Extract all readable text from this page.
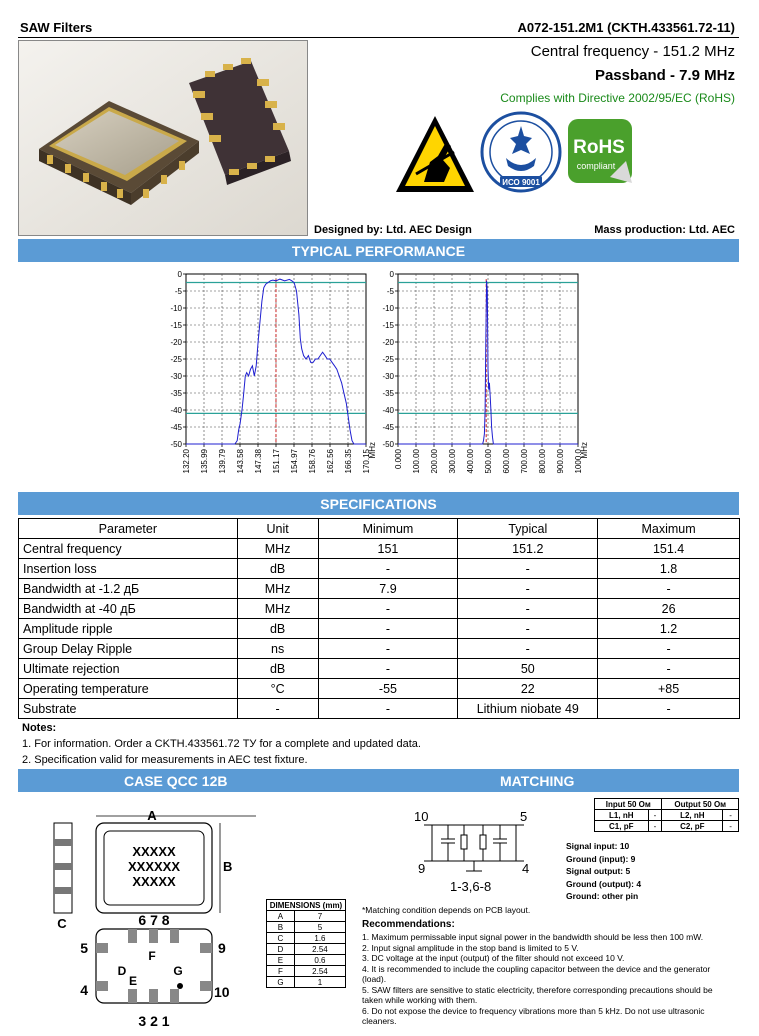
SAW Filters	A072-151.2M1 (CKTH.433561.72-11)
Central frequency - 151.2 MHz
Passband - 7.9 MHz
Complies with Directive 2002/95/EC (RoHS)
ИСО 9001
RoHS
compliant
Designed by: Ltd. AEC Design	Mass production: Ltd. AEC
TYPICAL PERFORMANCE
0
-5
-10
-15
-20
-25
-30
-35
-40
-45
-50
132.20 135.99 139.79 143.58 147.38 151.17 154.97 158.76 162.56 166.35 170.15
MHz
0
-5
-10
-15
-20
-25
-30
-35
-40
-45
-50
0.000 100.00 200.00 300.00 400.00 500.00 600.00 700.00 800.00 900.00 1000.0
MHz
SPECIFICATIONS
Parameter	Unit	Minimum	Typical	Maximum
Central frequency	MHz	151	151.2	151.4
Insertion loss	dB	-	-	1.8
Bandwidth at -1.2 дБ	MHz	7.9	-	-
Bandwidth at -40 дБ	MHz	-	-	26
Amplitude ripple	dB	-	-	1.2
Group Delay Ripple	ns	-	-	-
Ultimate rejection	dB	-	50	-
Operating temperature	°C	-55	22	+85
Substrate	-	-	Lithium niobate 49	-
Notes:
1. For information. Order a CKTH.433561.72 ТУ for a complete and updated data.
2. Specification valid for measurements in AEC test fixture.
CASE QCC 12B	MATCHING
A
XXXXX
XXXXXX
XXXXX
B
C	6 7 8
5	9
4	10
F
D
E
G
3 2 1
DIMENSIONS (mm)	
A	7
B	5
C	1.6
D	2.54
E	0.6
F	2.54
G	1
10	5
9	4
1-3,6-8
Input 50 Ом		Output 50 Ом	
L1, nH	-	L2, nH	-
C1, pF	-	C2, pF	-
Signal input: 10
Ground (input): 9
Signal output: 5
Ground (output): 4
Ground: other pin
*Matching condition depends on PCB layout.
Recommendations:
1. Maximum permissable input signal power in the bandwidth should be less then 100 mW.
2. Input signal amplitude in the stop band is limited to 5 V.
3. DC voltage at the input (output) of the filter should not exceed 10 V.
4. It is recommended to include the coupling capacitor between the device and the generator (load).
5. SAW filters are sensitive to static electricity, therefore corresponding precautions should be taken while working with them.
6. Do not expose the device to frequency vibrations more than 5 kHz. Do not use ultrasonic cleaners.
